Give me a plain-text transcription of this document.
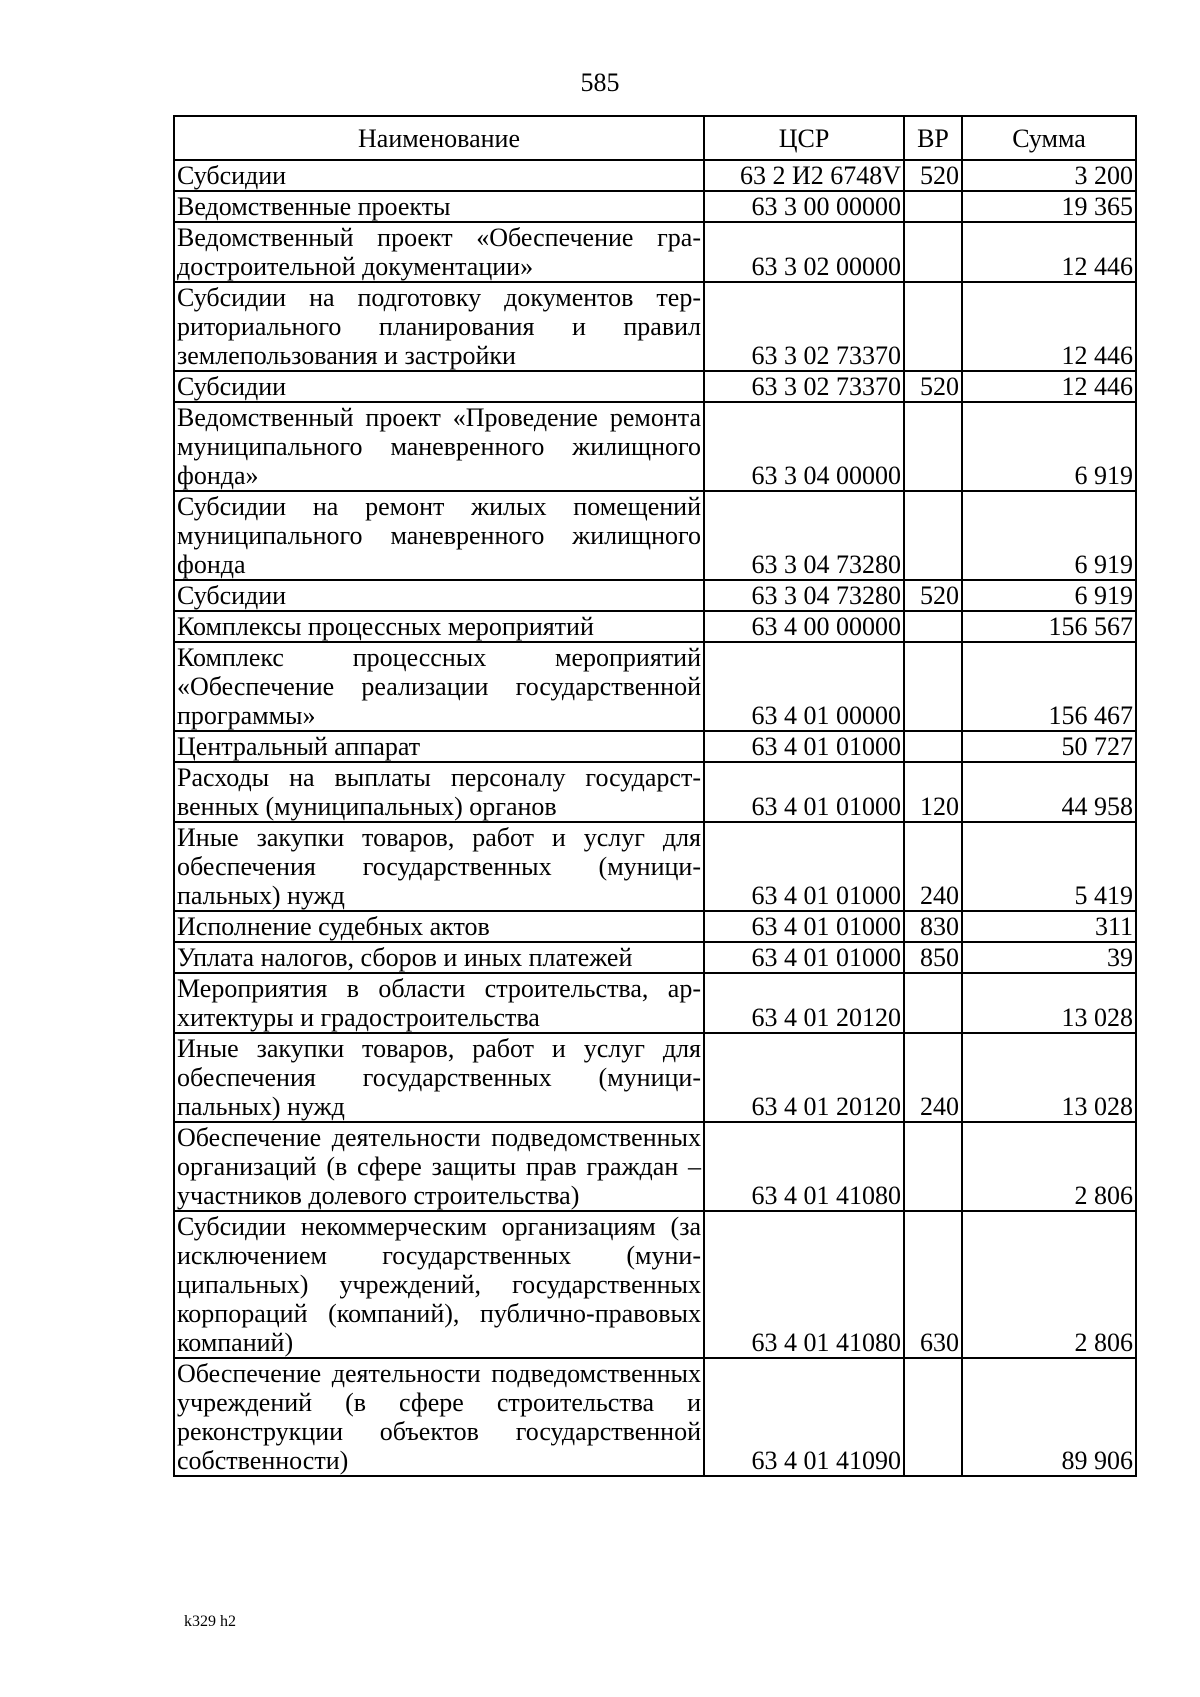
585
Наименование	ЦСР	ВР	Сумма
Субсидии	63 2 И2 6748V	520	3 200
Ведомственные проекты	63 3 00 00000		19 365
Ведомственный проект «Обеспечение градостроительной документации»	63 3 02 00000		12 446
Субсидии на подготовку документов территориального планирования и правил землепользования и застройки	63 3 02 73370		12 446
Субсидии	63 3 02 73370	520	12 446
Ведомственный проект «Проведение ремонта муниципального маневренного жилищного фонда»	63 3 04 00000		6 919
Субсидии на ремонт жилых помещений муниципального маневренного жилищного фонда	63 3 04 73280		6 919
Субсидии	63 3 04 73280	520	6 919
Комплексы процессных мероприятий	63 4 00 00000		156 567
Комплекс процессных мероприятий «Обеспечение реализации государственной программы»	63 4 01 00000		156 467
Центральный аппарат	63 4 01 01000		50 727
Расходы на выплаты персоналу государственных (муниципальных) органов	63 4 01 01000	120	44 958
Иные закупки товаров, работ и услуг для обеспечения государственных (муниципальных) нужд	63 4 01 01000	240	5 419
Исполнение судебных актов	63 4 01 01000	830	311
Уплата налогов, сборов и иных платежей	63 4 01 01000	850	39
Мероприятия в области строительства, архитектуры и градостроительства	63 4 01 20120		13 028
Иные закупки товаров, работ и услуг для обеспечения государственных (муниципальных) нужд	63 4 01 20120	240	13 028
Обеспечение деятельности подведомственных организаций (в сфере защиты прав граждан – участников долевого строительства)	63 4 01 41080		2 806
Субсидии некоммерческим организациям (за исключением государственных (муниципальных) учреждений, государственных корпораций (компаний), публично-правовых компаний)	63 4 01 41080	630	2 806
Обеспечение деятельности подведомственных учреждений (в сфере строительства и реконструкции объектов государственной собственности)	63 4 01 41090		89 906
k329 h2
